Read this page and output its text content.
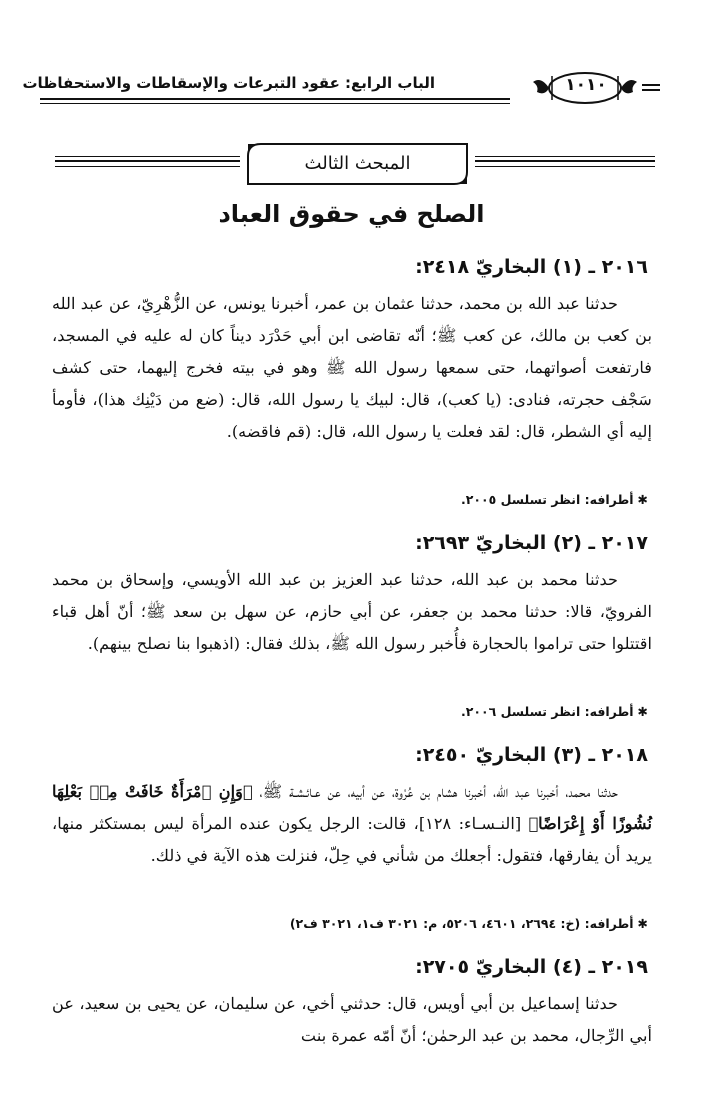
الباب الرابع: عقود التبرعات والإسقاطات والاستحفاظات	١٠١٠
المبحث الثالث
الصلح في حقوق العباد
٢٠١٦ ـ (١) البخاريّ ٢٤١٨:

حدثنا عبد الله بن محمد، حدثنا عثمان بن عمر، أخبرنا يونس، عن الزُّهْرِيّ، عن عبد الله بن كعب بن مالك، عن كعب ﷺ؛ أنّه تقاضى ابن أبي حَدْرَد ديناً كان له عليه في المسجد، فارتفعت أصواتهما، حتى سمعها رسول الله ﷺ وهو في بيته فخرج إليهما، حتى كشف سَجْف حجرته، فنادى: (يا كعب)، قال: لبيك يا رسول الله، قال: (ضع من دَيْنِك هذا)، فأومأ إليه أي الشطر، قال: لقد فعلت يا رسول الله، قال: (قم فاقضه).

✱أطرافه: انظر تسلسل ٢٠٠٥.
٢٠١٧ ـ (٢) البخاريّ ٢٦٩٣:

حدثنا محمد بن عبد الله، حدثنا عبد العزيز بن عبد الله الأويسي، وإسحاق بن محمد الفرويّ، قالا: حدثنا محمد بن جعفر، عن أبي حازم، عن سهل بن سعد ﷺ؛ أنّ أهل قباء اقتتلوا حتى تراموا بالحجارة فأُخبر رسول الله ﷺ، بذلك فقال: (اذهبوا بنا نصلح بينهم).

✱أطرافه: انظر تسلسل ٢٠٠٦.
٢٠١٨ ـ (٣) البخاريّ ٢٤٥٠:

حدثنا محمد، أخبرنا عبد الله، أخبرنا هشام بن عُرْوة، عن أبيه، عن عـائـشـة ﷺ، ﴿وَإِنِ ٱمْرَأَةٌ خَافَتْ مِنۢ بَعْلِهَا نُشُوزًا أَوْ إِعْرَاضًا﴾ [النـسـاء: ١٢٨]، قالت: الرجل يكون عنده المرأة ليس بمستكثر منها، يريد أن يفارقها، فتقول: أجعلك من شأني في حِلّ، فنزلت هذه الآية في ذلك.

✱أطرافه: (خ: ٢٦٩٤، ٤٦٠١، ٥٢٠٦، م: ٣٠٢١ ف١، ٣٠٢١ ف٢)
٢٠١٩ ـ (٤) البخاريّ ٢٧٠٥:

حدثنا إسماعيل بن أبي أويس، قال: حدثني أخي، عن سليمان، عن يحيى بن سعيد، عن أبي الرِّجال، محمد بن عبد الرحمٰن؛ أنّ أمّه عمرة بنت
